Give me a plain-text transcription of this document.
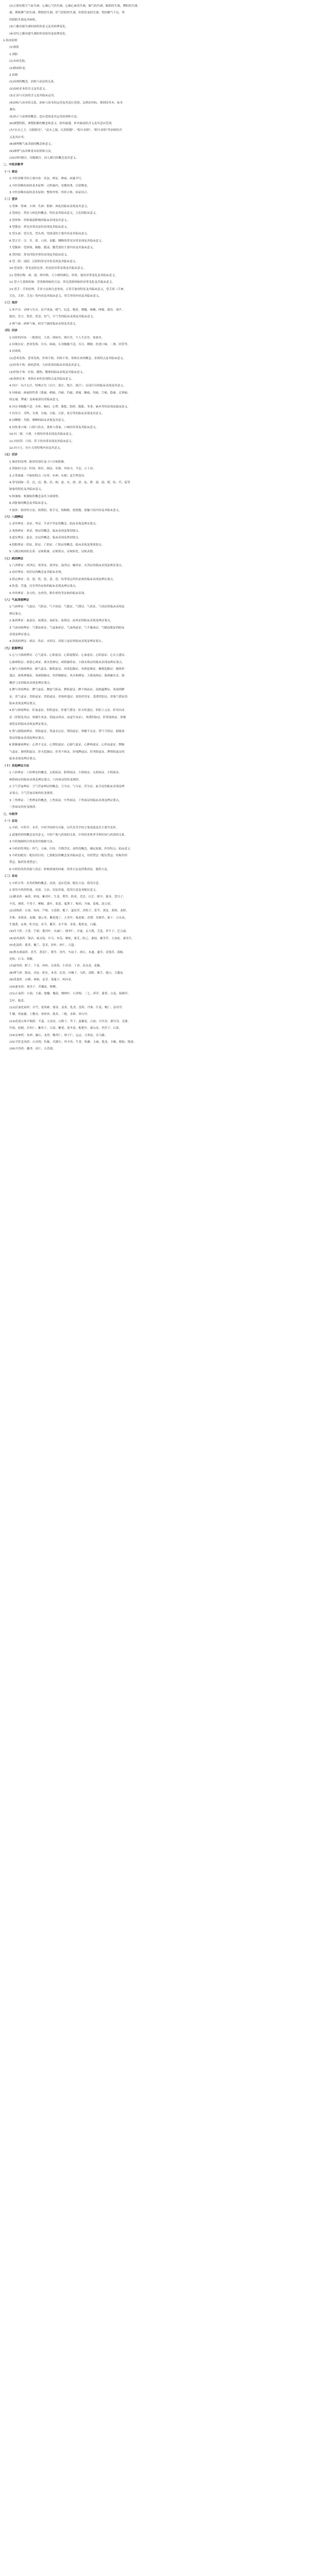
(2)五脏的相互气血失调：心肺心气的失调，心肺心血的失调，肺气的失调，肺阴的失调，脾阳的失调。
调，脾和脾气的失调，脾阴的失调，肝气肝阳的失调，肝阴肝血的失调，肾的精气不足，肾
的阴阳失调及其病机。
(3)六腑功能失调的病机和意义及其病理变化。
(4)奇恒之腑功能失调的形成原因及病理变化。
1.防治原则
(1)预防
1.预防
(1)未病先防。
(2)既病防变。
2.治则
(1)治则的概念，治则与治法的关系。
(2)治病求本的含义及其意义。
(3)正治与反治的含义及其临床运用。
(4)治标与治本的关系，治标与治本的运用及其适应范围；急则治其标，缓则治其本，标本
兼治。
(5)扶正与祛邪的概念、适应范围及其运用原则和方法。
(6)调整阴阳、调整脏腑的概念和意义，损其偏盛、补其偏衰的含义及其适应范围。
(7)"壮水之主，以制阳光"，"益火之源，以消阴翳"，"阳中求阴"，"阴中求阳"等治则的含
义及其应用。
(8)调理精气血津液的概念和意义。
(9)调理气血各种基本原则和方法。
(10)因时制宜、因地制宜、因人制宜的概念及其意义。
二、中医诊断学
（一）绪论
1.中医诊断学的主要内容：诊法、辨证、辨病、病案书写。
2.中医诊断疾病的基本原理：司外揣内、见微知著、以常衡变。
3.中医诊断疾病的基本原则：整体审察、四诊合参、病证结合。
（二）望诊
1.望神：得神、少神、失神、假神、神乱的临床表现及其意义。
2.望面色：常色与病色的概念、特征及其临床意义，五色的临床意义。
3.望形体：形体强弱胖瘦的临床表现及其意义。
4.望姿态：常见异常动态的表现及其临床意义。
5.望头面：望头发、望头颅、望面部的主要内容及其临床意义。
6.望五官：目、耳、鼻、口唇、齿龈、咽喉的常见异常表现及其临床意义。
7.望躯体：望颈项、胸胁、腹部、腰背部的主要内容及其临床意义。
8.望四肢：常见四肢异常的表现及其临床意义。
9.望二阴：前阴、后阴的常见异常表现及其临床意义。
10.望皮肤：常见皮肤色泽、形态的异常表现及其临床意义。
11.望排出物：痰、涎、呕吐物、大小便的颜色、形质、量的异常变化及其临床意义。
12.望小儿食指络脉：望食指络脉的方法、常见食指络脉的异常变化及其临床意义。
13.望舌：舌诊原理，舌诊方法和注意事项，正常舌象的特征及其临床意义，望舌质（舌神、
舌色、舌形、舌态）的内容及其临床意义，望舌苔的内容及其临床意义。
（三）闻诊
1.听声音：音哑与失音、语声重浊、嗳气、叹息、呃逆、喷嚏、咳嗽、哮喘、谵语、郑声、
独语、狂言、错语、呓语、短气、少气等的临床表现及其临床意义。
2.嗅气味：病体气味、病室气味的临床表现及其意义。
（四）问诊
1.问诊的内容：一般情况、主诉、现病史、既往史、个人生活史、家族史。
2.问现在症：恶寒发热、汗出、疼痛、头身胸腹不适、耳目、睡眠、饮食口味、二便、经带等。
3.问寒热
(1)恶寒发热：恶寒发热、但寒不热、但热不寒、寒热往来的概念、表现特点及其临床意义。
(2)但寒不热：新病恶寒、久病畏寒的临床表现及其意义。
(3)但热不寒：壮热、潮热、微热的临床表现及其临床意义。
(4)寒热往来：寒热往来的表现特点及其临床意义。
4.问汗：有汗无汗、特殊汗出（自汗、盗汗、绝汗、战汗）、局部汗出的临床表现及其意义。
5.问疼痛：疼痛的性质（胀痛、刺痛、冷痛、灼痛、重痛、酸痛、绞痛、空痛、隐痛、走窜痛、
固定痛、掣痛）及疼痛部位的临床意义。
6.问头身胸腹不适：头晕、胸闷、心悸、胁胀、脘痞、腹胀、身重、麻木等的表现及临床意义。
7.问耳目：耳鸣、耳聋、目痛、目眩、目涩、雀盲等的临床表现及其意义。
8.问睡眠：失眠、嗜睡的临床表现及其意义。
9.问饮食口味：口渴与饮水、食欲与食量、口味的异常及其临床意义。
10.问二便：大便、小便的异常表现及其临床意义。
11.问经带：月经、带下的异常表现及其临床意义。
12.问小儿：问小儿的特殊内容及其意义。
（五）切诊
1.脉诊的原理、脉诊的部位及寸口分候脏腑。
2.诊脉的方法：时间、体位、指法、布指、举按寻、平息、五十动。
3.正常脉象：平脉的特点（有胃、有神、有根）及生理变异。
4.常见病脉：浮、沉、迟、数、洪、细、虚、实、滑、涩、弦、紧、濡、弱、缓、结、代、促等
脉象的特征及其临床意义。
5.相兼脉：相兼脉的概念及其主病规律。
6.真脏脉的概念及其临床意义。
7.按诊：按诊的方法、按肌肤、按手足、按胸胁、按脘腹、按腧穴的内容及其临床意义。
（六）八纲辨证
1.表里辨证：表证、里证、半表半里证的概念、临床表现及辨证要点。
2.寒热辨证：寒证、热证的概念、临床表现及鉴别要点。
3.虚实辨证：虚证、实证的概念、临床表现及鉴别要点。
4.阴阳辨证：阴证、阳证、亡阴证、亡阳证的概念、临床表现及鉴别要点。
5.八纲证候间的关系：证候相兼、证候错杂、证候转化、证候真假。
（七）病因辨证
1.六淫辨证：风淫证、寒淫证、暑淫证、湿淫证、燥淫证、火淫证的临床表现及辨证要点。
2.疫疠辨证：疫疠证的概念及其临床表现。
3.情志辨证：喜、怒、忧、思、悲、恐、惊等情志所伤证候的临床表现及辨证要点。
4.饮食、劳逸、房室所伤证候的临床表现及辨证要点。
5.外伤辨证：金刃伤、虫兽伤、跌仆损伤等证候的临床表现。
（八）气血津液辨证
1.气病辨证：气虚证、气陷证、气不固证、气脱证、气滞证、气逆证、气闭证的临床表现及
辨证要点。
2.血病辨证：血虚证、血脱证、血瘀证、血热证、血寒证的临床表现及辨证要点。
3.气血同病辨证：气滞血瘀证、气虚血瘀证、气血两虚证、气不摄血证、气随血脱证的临床
表现及辨证要点。
4.津液病辨证：痰证、饮证、水停证、津液亏虚证的临床表现及辨证要点。
（九）脏腑辨证
1.心与小肠病辨证：心气虚证、心阳虚证、心阳虚脱证、心血虚证、心阴虚证、心火亢盛证、
心脉痹阻证、痰蒙心神证、痰火扰神证、瘀阻脑络证、小肠实热证的临床表现及辨证要点。
2.肺与大肠病辨证：肺气虚证、肺阴虚证、风寒犯肺证、风热犯肺证、燥邪犯肺证、肺热炽
盛证、痰热壅肺证、寒痰阻肺证、饮停胸胁证、风水相搏证、大肠湿热证、肠热腑实证、肠
燥津亏证的临床表现及辨证要点。
3.脾与胃病辨证：脾气虚证、脾虚气陷证、脾阳虚证、脾不统血证、湿热蕴脾证、寒湿困脾
证、胃气虚证、胃阳虚证、胃阴虚证、胃热炽盛证、寒饮停胃证、食滞胃脘证、胃肠气滞证的
临床表现及辨证要点。
4.肝与胆病辨证：肝血虚证、肝阴虚证、肝郁气滞证、肝火炽盛证、肝阳上亢证、肝风内动
证（肝阳化风证、热极生风证、阴虚动风证、血虚生风证）、寒滞肝脉证、肝胆湿热证、胆郁
痰扰证的临床表现及辨证要点。
5.肾与膀胱病辨证：肾阳虚证、肾虚水泛证、肾阴虚证、肾精不足证、肾气不固证、膀胱湿
热证的临床表现及辨证要点。
6.脏腑兼病辨证：心肾不交证、心肾阳虚证、心肺气虚证、心脾两虚证、心肝血虚证、脾肺
气虚证、肺肾阴虚证、肝火犯肺证、肝胃不和证、肝郁脾虚证、肝肾阴虚证、脾肾阳虚证的
临床表现及辨证要点。
（十）其他辨证方法
1.六经辨证：六经辨证的概念，太阳病证、阳明病证、少阳病证、太阴病证、少阴病证、
厥阴病证的临床表现及辨证要点，六经病证的传变规律。
2.卫气营血辨证：卫气营血辨证的概念，卫分证、气分证、营分证、血分证的临床表现及辨
证要点，卫气营血证候的传变规律。
3.三焦辨证：三焦辨证的概念，上焦病证、中焦病证、下焦病证的临床表现及辨证要点，
三焦病证的传变规律。
三、中药学
（一）总论
1.中药、中药学、本草、中药学的研究对象，历代本草学的主要成就及其主要代表作。
2.道地药材的概念及其意义，中药产地与药效的关系，中药的采集季节和时间与药效的关系。
3.中药炮制的目的及常用炮制方法。
4.中药药性理论：四气、五味、归经、升降浮沉、毒性的概念、确定依据、作用特点、临床意义
5.中药的配伍：配伍的目的，七情配伍的概念及其临床意义，用药禁忌（配伍禁忌、妊娠用药
禁忌、服药饮食禁忌）。
6.中药的用药剂量与用法：影响剂量的因素，煎煮方法及特殊煎法，服药方法。
（二）各论
1.中药分类：各类药物的概念、功效、适应范围、配伍方法、使用注意。
2.常用中药的性能、功效、主治、用法用量、使用注意及其配伍意义。
(1)解表药：麻黄、桂枝、紫苏叶、生姜、荆芥、防风、羌活、白芷、细辛、藁本、苍耳子、
辛夷、薄荷、牛蒡子、蝉蜕、桑叶、菊花、蔓荆子、柴胡、升麻、葛根、淡豆豉。
(2)清热药：石膏、知母、芦根、天花粉、栀子、夏枯草、决明子、黄芩、黄连、黄柏、龙胆、
苦参、金银花、连翘、蒲公英、紫花地丁、大青叶、板蓝根、青黛、鱼腥草、射干、白头翁、
生地黄、玄参、牡丹皮、赤芍、紫草、水牛角、青蒿、地骨皮、白薇。
(3)泻下药：大黄、芒硝、番泻叶、火麻仁、郁李仁、甘遂、京大戟、芫花、牵牛子、巴豆霜。
(4)祛风湿药：独活、威灵仙、川乌、木瓜、蕲蛇、秦艽、防己、桑枝、豨莶草、五加皮、桑寄生。
(5)化湿药：藿香、佩兰、苍术、厚朴、砂仁、豆蔻。
(6)利水渗湿药：茯苓、薏苡仁、猪苓、泽泻、车前子、滑石、木通、通草、金钱草、茵陈、
虎杖、石韦、萆薢。
(7)温里药：附子、干姜、肉桂、吴茱萸、小茴香、丁香、高良姜、花椒。
(8)理气药：陈皮、青皮、枳实、木香、沉香、川楝子、乌药、香附、佛手、薤白、大腹皮。
(9)消食药：山楂、神曲、麦芽、莱菔子、鸡内金。
(10)驱虫药：使君子、苦楝皮、槟榔。
(11)止血药：小蓟、大蓟、地榆、槐花、侧柏叶、白茅根、三七、茜草、蒲黄、白及、仙鹤草、
艾叶、炮姜。
(12)活血化瘀药：川芎、延胡索、郁金、姜黄、乳香、没药、丹参、红花、桃仁、益母草、
牛膝、鸡血藤、土鳖虫、骨碎补、莪术、三棱、水蛭、穿山甲。
(13)化痰止咳平喘药：半夏、天南星、白附子、芥子、旋覆花、白前、川贝母、浙贝母、瓜蒌、
竹茹、桔梗、苦杏仁、紫苏子、百部、紫菀、款冬花、枇杷叶、桑白皮、葶苈子、白果。
(14)安神药：朱砂、磁石、龙骨、酸枣仁、柏子仁、远志、合欢皮、首乌藤。
(15)平肝息风药：石决明、牡蛎、代赭石、羚羊角、牛黄、钩藤、天麻、地龙、全蝎、蜈蚣、僵蚕。
(16)开窍药：麝香、冰片、石菖蒲。
